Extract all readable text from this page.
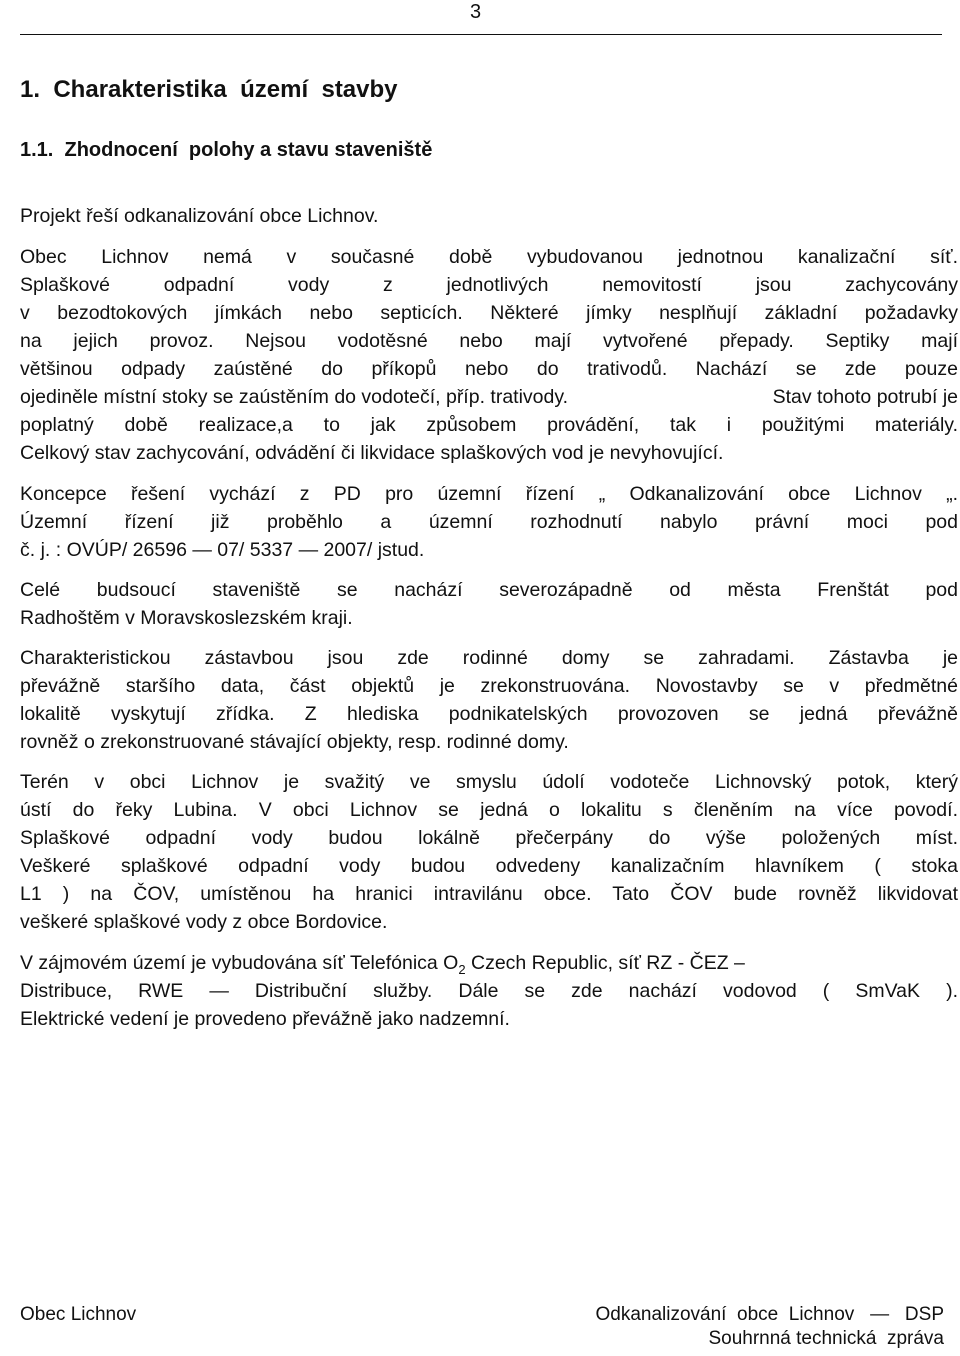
3
1.  Charakteristika  území  stavby
1.1.  Zhodnocení  polohy a stavu staveniště
Projekt řeší odkanalizování obce Lichnov.
Obec Lichnov nemá v současné době vybudovanou jednotnou kanalizační síť.
Splaškové odpadní vody z jednotlivých nemovitostí jsou zachycovány
v bezodtokových jímkách nebo septicích. Některé jímky nesplňují základní požadavky
na jejich provoz. Nejsou vodotěsné nebo mají vytvořené přepady. Septiky mají
většinou odpady zaústěné do příkopů nebo do trativodů. Nachází se zde pouze
ojediněle místní stoky se zaústěním do vodotečí, příp. trativody.	Stav tohoto potrubí je
poplatný době realizace,a to jak způsobem provádění, tak i použitými materiály.
Celkový stav zachycování, odvádění či likvidace splaškových vod je nevyhovující.
Koncepce řešení vychází z PD pro územní řízení „ Odkanalizování obce Lichnov „.
Územní řízení již proběhlo a územní rozhodnutí nabylo právní moci pod
č. j. : OVÚP/ 26596 — 07/ 5337 — 2007/ jstud.
Celé budsoucí staveniště se nachází severozápadně od města Frenštát pod
Radhoštěm v Moravskoslezském kraji.
Charakteristickou zástavbou jsou zde rodinné domy se zahradami. Zástavba je
převážně staršího data, část objektů je zrekonstruována. Novostavby se v předmětné
lokalitě vyskytují zřídka. Z hlediska podnikatelských provozoven se jedná převážně
rovněž o zrekonstruované stávající objekty, resp. rodinné domy.
Terén v obci Lichnov je svažitý ve smyslu údolí vodoteče Lichnovský potok, který
ústí do řeky Lubina. V obci Lichnov se jedná o lokalitu s členěním na více povodí.
Splaškové odpadní vody budou lokálně přečerpány do výše položených míst.
Veškeré splaškové odpadní vody budou odvedeny kanalizačním hlavníkem ( stoka
L1 ) na ČOV, umístěnou ha hranici intravilánu obce. Tato ČOV bude rovněž likvidovat
veškeré splaškové vody z obce Bordovice.
V zájmovém území je vybudována síť Telefónica $O_2$ Czech Republic, síť RZ - ČEZ –
Distribuce, RWE — Distribuční služby. Dále se zde nachází vodovod ( SmVaK ).
Elektrické vedení je provedeno převážně jako nadzemní.
Obec Lichnov	Odkanalizování  obce  Lichnov   —   DSP
Souhrnná technická  zpráva
